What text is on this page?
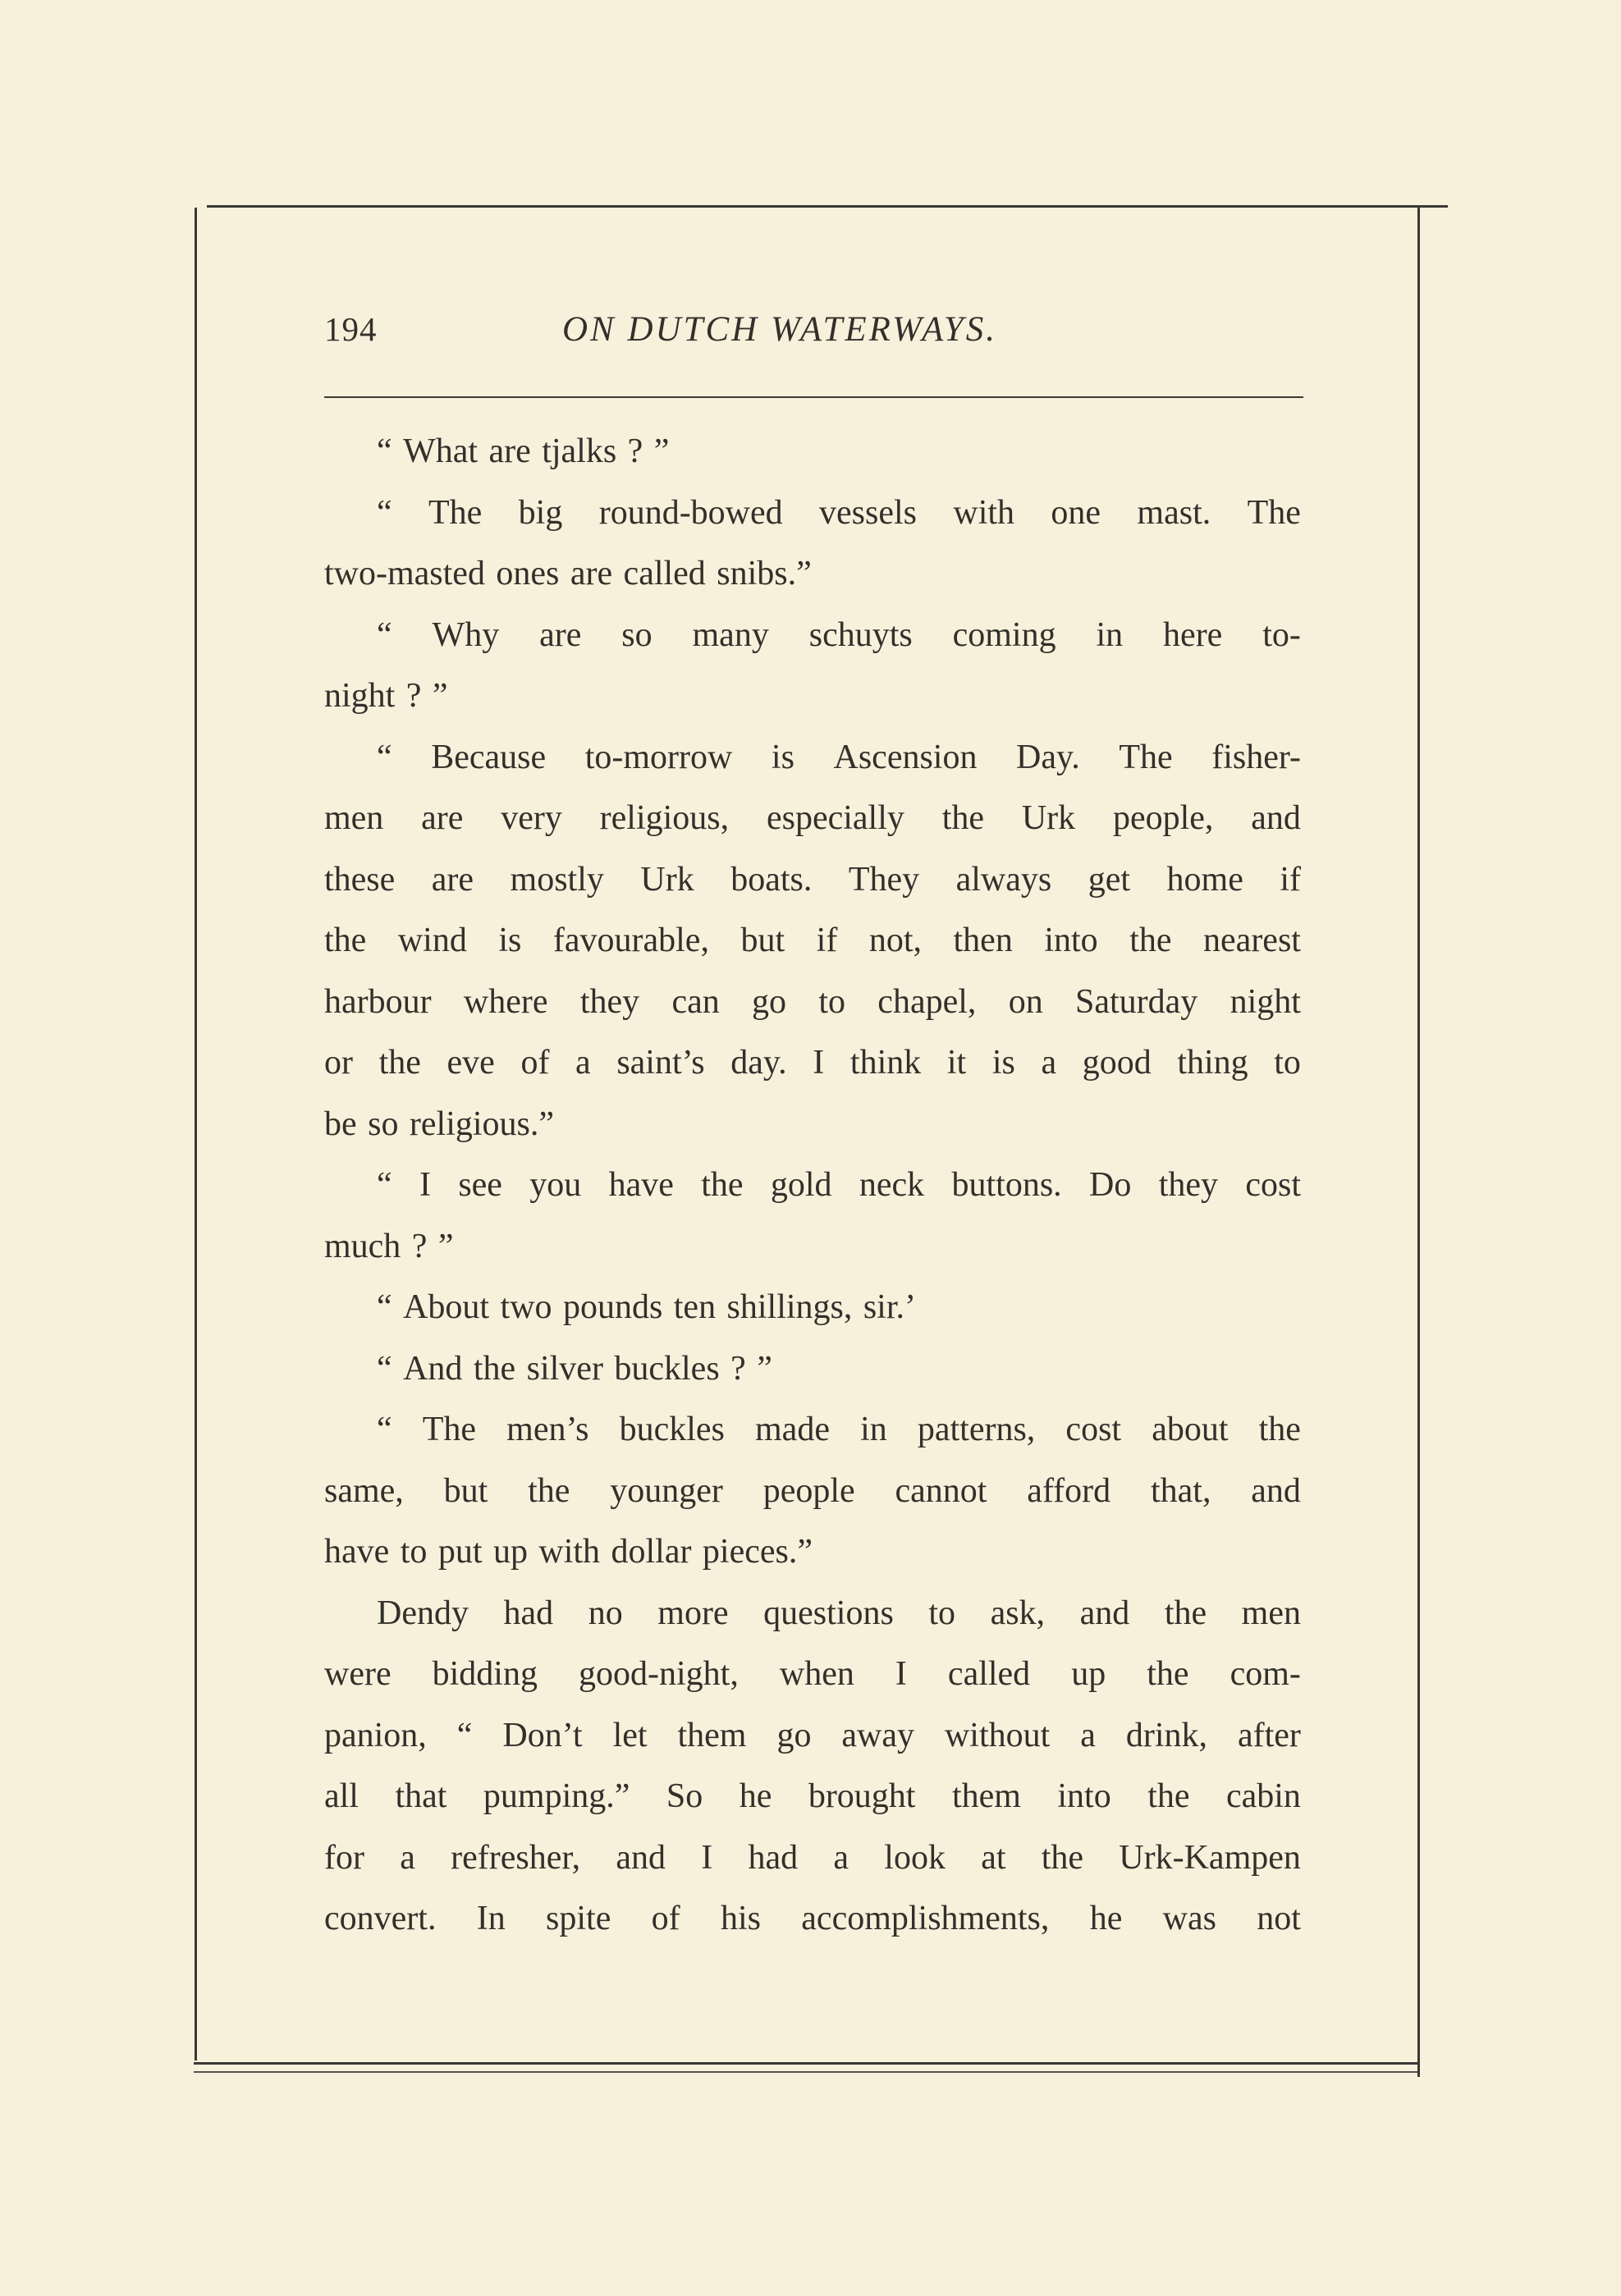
194	ON DUTCH WATERWAYS.
“ What are tjalks ? ”
“ The big round-bowed vessels with one mast. The
two-masted ones are called snibs.”
“ Why are so many schuyts coming in here to-
night ? ”
“ Because to-morrow is Ascension Day. The fisher-
men are very religious, especially the Urk people, and
these are mostly Urk boats. They always get home if
the wind is favourable, but if not, then into the nearest
harbour where they can go to chapel, on Saturday night
or the eve of a saint’s day. I think it is a good thing to
be so religious.”
“ I see you have the gold neck buttons. Do they cost
much ? ”
“ About two pounds ten shillings, sir.’
“ And the silver buckles ? ”
“ The men’s buckles made in patterns, cost about the
same, but the younger people cannot afford that, and
have to put up with dollar pieces.”
Dendy had no more questions to ask, and the men
were bidding good-night, when I called up the com-
panion, “ Don’t let them go away without a drink, after
all that pumping.” So he brought them into the cabin
for a refresher, and I had a look at the Urk-Kampen
convert. In spite of his accomplishments, he was not
